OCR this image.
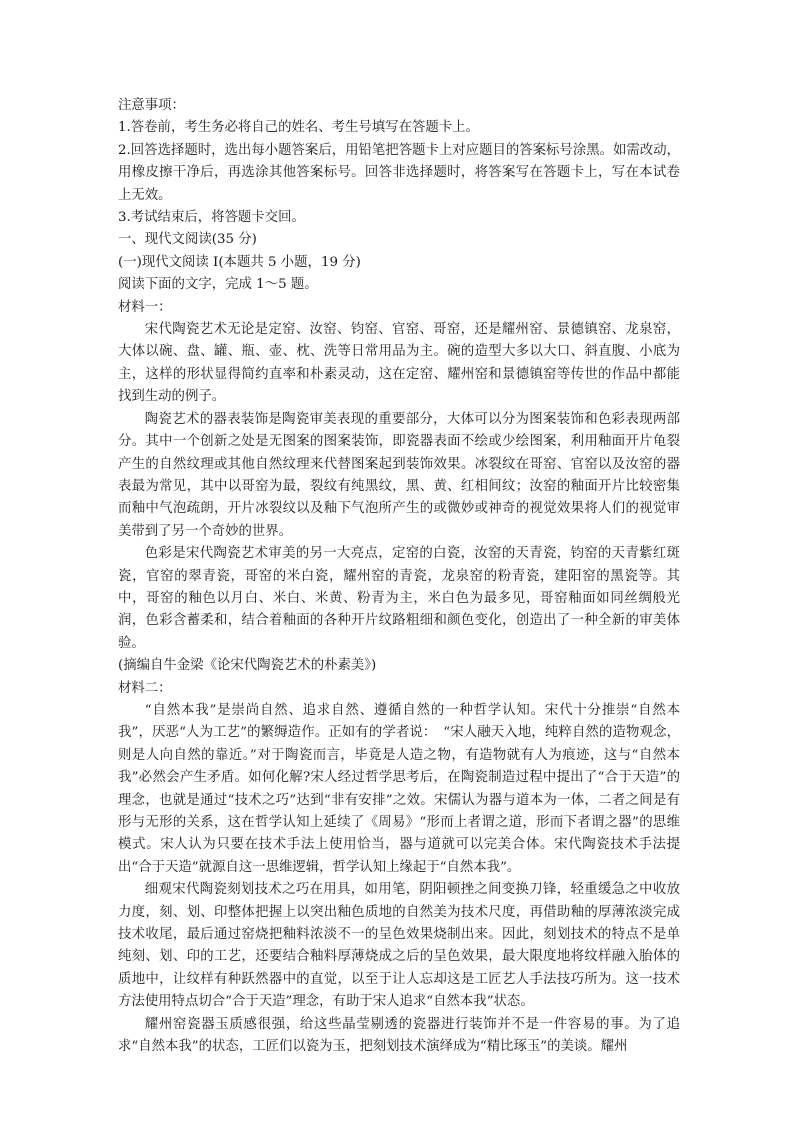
注意事项：
1.答卷前，考生务必将自己的姓名、考生号填写在答题卡上。
2.回答选择题时，选出每小题答案后，用铅笔把答题卡上对应题目的答案标号涂黑。如需改动，用橡皮擦干净后，再选涂其他答案标号。回答非选择题时，将答案写在答题卡上，写在本试卷上无效。
3.考试结束后，将答题卡交回。
一、现代文阅读(35 分)
(一)现代文阅读 I(本题共 5 小题，19 分)
阅读下面的文字，完成 1～5 题。
材料一：
宋代陶瓷艺术无论是定窑、汝窑、钧窑、官窑、哥窑，还是耀州窑、景德镇窑、龙泉窑，大体以碗、盘、罐、瓶、壶、枕、洗等日常用品为主。碗的造型大多以大口、斜直腹、小底为主，这样的形状显得简约直率和朴素灵动，这在定窑、耀州窑和景德镇窑等传世的作品中都能找到生动的例子。
陶瓷艺术的器表装饰是陶瓷审美表现的重要部分，大体可以分为图案装饰和色彩表现两部分。其中一个创新之处是无图案的图案装饰，即瓷器表面不绘或少绘图案，利用釉面开片龟裂产生的自然纹理或其他自然纹理来代替图案起到装饰效果。冰裂纹在哥窑、官窑以及汝窑的器表最为常见，其中以哥窑为最，裂纹有纯黑纹，黑、黄、红相间纹；汝窑的釉面开片比较密集而釉中气泡疏朗，开片冰裂纹以及釉下气泡所产生的或微妙或神奇的视觉效果将人们的视觉审美带到了另一个奇妙的世界。
色彩是宋代陶瓷艺术审美的另一大亮点，定窑的白瓷，汝窑的天青瓷，钧窑的天青紫红斑瓷，官窑的翠青瓷，哥窑的米白瓷，耀州窑的青瓷，龙泉窑的粉青瓷，建阳窑的黑瓷等。其中，哥窑的釉色以月白、米白、米黄、粉青为主，米白色为最多见，哥窑釉面如同丝绸般光润，色彩含蓄柔和，结合着釉面的各种开片纹路粗细和颜色变化，创造出了一种全新的审美体验。
(摘编自牛金梁《论宋代陶瓷艺术的朴素美》)
材料二：
“自然本我”是崇尚自然、追求自然、遵循自然的一种哲学认知。宋代十分推崇“自然本我”，厌恶“人为工艺”的繁缛造作。正如有的学者说：　“宋人融天入地，纯粹自然的造物观念，则是人向自然的靠近。”对于陶瓷而言，毕竟是人造之物，有造物就有人为痕迹，这与“自然本我”必然会产生矛盾。如何化解?宋人经过哲学思考后，在陶瓷制造过程中提出了“合于天造”的理念，也就是通过“技术之巧”达到“非有安排”之效。宋儒认为器与道本为一体，二者之间是有形与无形的关系，这在哲学认知上延续了《周易》“形而上者谓之道，形而下者谓之器”的思维模式。宋人认为只要在技术手法上使用恰当，器与道就可以完美合体。宋代陶瓷技术手法提出“合于天造”就源自这一思维逻辑，哲学认知上缘起于“自然本我”。
细观宋代陶瓷刻划技术之巧在用具，如用笔，阴阳顿挫之间变换刀锋，轻重缓急之中收放力度，刻、划、印整体把握上以突出釉色质地的自然美为技术尺度，再借助釉的厚薄浓淡完成技术收尾，最后通过窑烧把釉料浓淡不一的呈色效果烧制出来。因此，刻划技术的特点不是单纯刻、划、印的工艺，还要结合釉料厚薄烧成之后的呈色效果，最大限度地将纹样融入胎体的质地中，让纹样有种跃然器中的直觉，以至于让人忘却这是工匠艺人手法技巧所为。这一技术方法使用特点切合“合于天造”理念，有助于宋人追求“自然本我”状态。
耀州窑瓷器玉质感很强，给这些晶莹剔透的瓷器进行装饰并不是一件容易的事。为了追求“自然本我”的状态，工匠们以瓷为玉，把刻划技术演绎成为“精比琢玉”的美谈。耀州
